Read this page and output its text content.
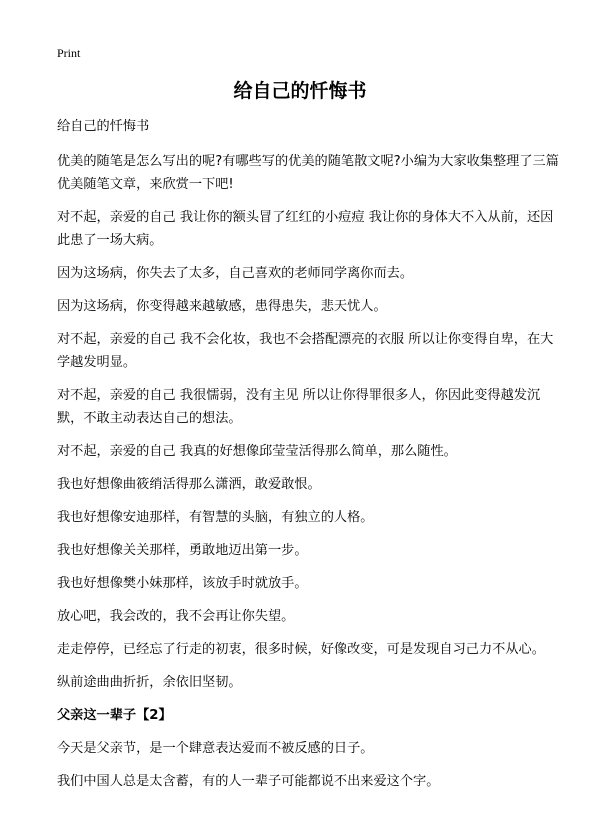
Print
给自己的忏悔书

给自己的忏悔书

优美的随笔是怎么写出的呢?有哪些写的优美的随笔散文呢?小编为大家收集整理了三篇优美随笔文章，来欣赏一下吧!

对不起，亲爱的自己 我让你的额头冒了红红的小痘痘 我让你的身体大不入从前，还因此患了一场大病。

因为这场病，你失去了太多，自己喜欢的老师同学离你而去。

因为这场病，你变得越来越敏感，患得患失，悲天忧人。

对不起，亲爱的自己 我不会化妆，我也不会搭配漂亮的衣服 所以让你变得自卑，在大学越发明显。

对不起，亲爱的自己 我很懦弱，没有主见 所以让你得罪很多人，你因此变得越发沉默，不敢主动表达自己的想法。

对不起，亲爱的自己 我真的好想像邱莹莹活得那么简单，那么随性。

我也好想像曲筱绡活得那么潇洒，敢爱敢恨。

我也好想像安迪那样，有智慧的头脑，有独立的人格。

我也好想像关关那样，勇敢地迈出第一步。

我也好想像樊小妹那样，该放手时就放手。

放心吧，我会改的，我不会再让你失望。

走走停停，已经忘了行走的初衷，很多时候，好像改变，可是发现自习己力不从心。

纵前途曲曲折折，余依旧坚韧。

父亲这一辈子【2】

今天是父亲节，是一个肆意表达爱而不被反感的日子。

我们中国人总是太含蓄，有的人一辈子可能都说不出来爱这个字。
